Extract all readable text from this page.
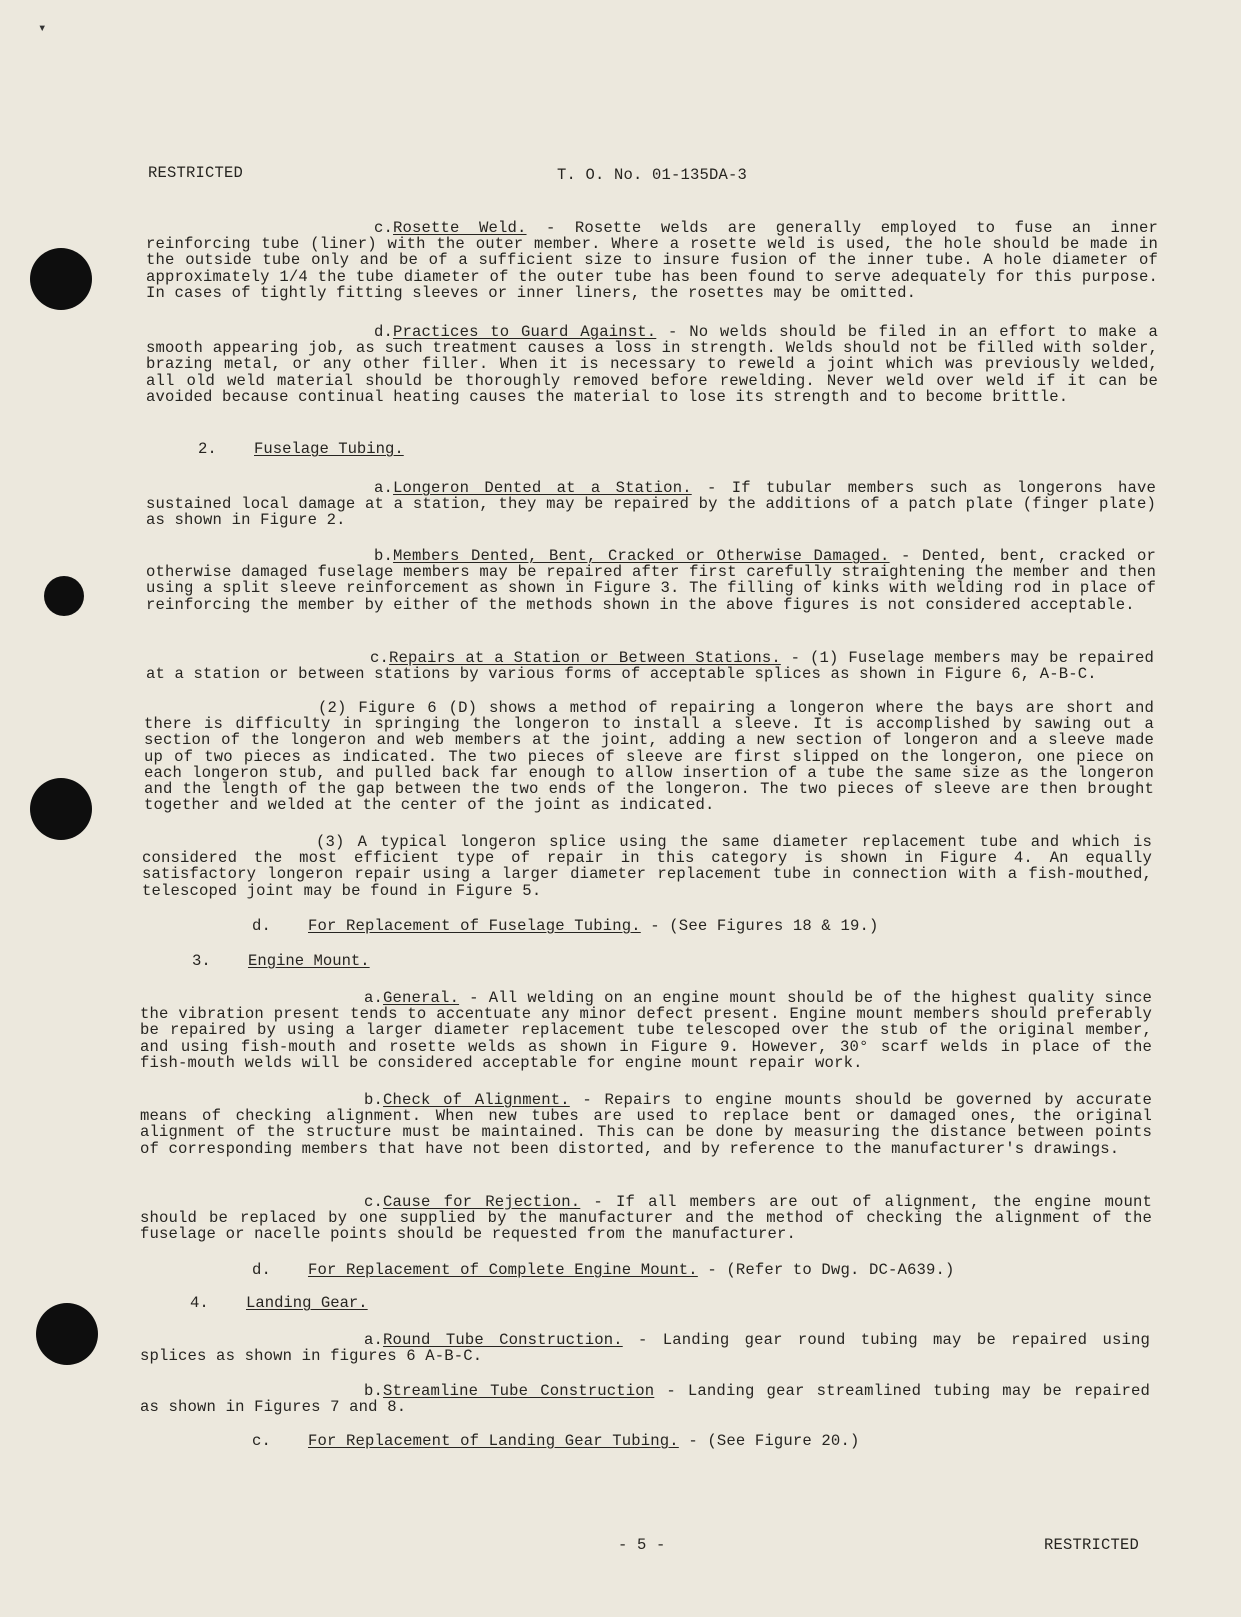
▾
RESTRICTED	T. O. No. 01-135DA-3

c.Rosette Weld. - Rosette welds are generally employed to fuse an inner reinforcing tube (liner) with the outer member. Where a rosette weld is used, the hole should be made in the outside tube only and be of a sufficient size to insure fusion of the inner tube. A hole diameter of approximately 1/4 the tube diameter of the outer tube has been found to serve adequately for this purpose. In cases of tightly fitting sleeves or inner liners, the rosettes may be omitted.

d.Practices to Guard Against. - No welds should be filed in an effort to make a smooth appearing job, as such treatment causes a loss in strength. Welds should not be filled with solder, brazing metal, or any other filler. When it is necessary to reweld a joint which was previously welded, all old weld material should be thoroughly removed before rewelding. Never weld over weld if it can be avoided because continual heating causes the material to lose its strength and to become brittle.

2. Fuselage Tubing.

a.Longeron Dented at a Station. - If tubular members such as longerons have sustained local damage at a station, they may be repaired by the additions of a patch plate (finger plate) as shown in Figure 2.

b.Members Dented, Bent, Cracked or Otherwise Damaged. - Dented, bent, cracked or otherwise damaged fuselage members may be repaired after first carefully straightening the member and then using a split sleeve reinforcement as shown in Figure 3. The filling of kinks with welding rod in place of reinforcing the member by either of the methods shown in the above figures is not considered acceptable.

c.Repairs at a Station or Between Stations. - (1) Fuselage members may be repaired at a station or between stations by various forms of acceptable splices as shown in Figure 6, A-B-C.

(2) Figure 6 (D) shows a method of repairing a longeron where the bays are short and there is difficulty in springing the longeron to install a sleeve. It is accomplished by sawing out a section of the longeron and web members at the joint, adding a new section of longeron and a sleeve made up of two pieces as indicated. The two pieces of sleeve are first slipped on the longeron, one piece on each longeron stub, and pulled back far enough to allow insertion of a tube the same size as the longeron and the length of the gap between the two ends of the longeron. The two pieces of sleeve are then brought together and welded at the center of the joint as indicated.

(3) A typical longeron splice using the same diameter replacement tube and which is considered the most efficient type of repair in this category is shown in Figure 4. An equally satisfactory longeron repair using a larger diameter replacement tube in connection with a fish-mouthed, telescoped joint may be found in Figure 5.

d. For Replacement of Fuselage Tubing. - (See Figures 18 & 19.)

3. Engine Mount.

a.General. - All welding on an engine mount should be of the highest quality since the vibration present tends to accentuate any minor defect present. Engine mount members should preferably be repaired by using a larger diameter replacement tube telescoped over the stub of the original member, and using fish-mouth and rosette welds as shown in Figure 9. However, 30° scarf welds in place of the fish-mouth welds will be considered acceptable for engine mount repair work.

b.Check of Alignment. - Repairs to engine mounts should be governed by accurate means of checking alignment. When new tubes are used to replace bent or damaged ones, the original alignment of the structure must be maintained. This can be done by measuring the distance between points of corresponding members that have not been distorted, and by reference to the manufacturer's drawings.

c.Cause for Rejection. - If all members are out of alignment, the engine mount should be replaced by one supplied by the manufacturer and the method of checking the alignment of the fuselage or nacelle points should be requested from the manufacturer.

d. For Replacement of Complete Engine Mount. - (Refer to Dwg. DC-A639.)

4. Landing Gear.

a.Round Tube Construction. - Landing gear round tubing may be repaired using splices as shown in figures 6 A-B-C.

b.Streamline Tube Construction - Landing gear streamlined tubing may be repaired as shown in Figures 7 and 8.

c. For Replacement of Landing Gear Tubing. - (See Figure 20.)

- 5 -	RESTRICTED
